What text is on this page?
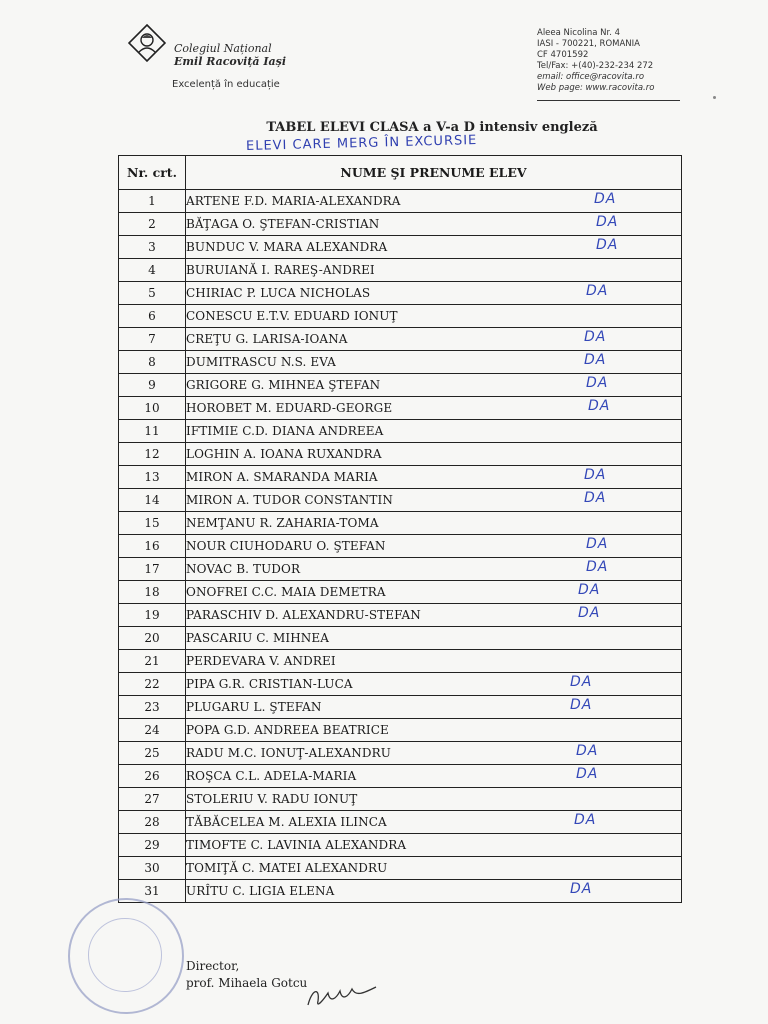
Colegiul Național
Emil Racoviță Iași
Excelență în educație
Aleea Nicolina Nr. 4
IASI - 700221, ROMANIA
CF 4701592
Tel/Fax: +(40)-232-234 272
email: office@racovita.ro
Web page: www.racovita.ro
TABEL ELEVI CLASA a V-a D intensiv engleză
ELEVI CARE MERG ÎN EXCURSIE
Nr. crt.	NUME ŞI PRENUME ELEV
1	ARTENE F.D. MARIA-ALEXANDRA DA

2	BĂŢAGA O. ŞTEFAN-CRISTIAN DA

3	BUNDUC V. MARA ALEXANDRA DA

4	BURUIANĂ I. RAREŞ-ANDREI
5	CHIRIAC P. LUCA NICHOLAS DA

6	CONESCU E.T.V. EDUARD IONUŢ
7	CREŢU G. LARISA-IOANA DA

8	DUMITRASCU N.S. EVA DA

9	GRIGORE G. MIHNEA ŞTEFAN DA

10	HOROBET M. EDUARD-GEORGE DA

11	IFTIMIE C.D. DIANA ANDREEA
12	LOGHIN A. IOANA RUXANDRA
13	MIRON A. SMARANDA MARIA DA

14	MIRON A. TUDOR CONSTANTIN DA

15	NEMŢANU R. ZAHARIA-TOMA
16	NOUR CIUHODARU O. ŞTEFAN DA

17	NOVAC B. TUDOR DA

18	ONOFREI C.C. MAIA DEMETRA DA

19	PARASCHIV D. ALEXANDRU-STEFAN DA

20	PASCARIU C. MIHNEA
21	PERDEVARA V. ANDREI
22	PIPA G.R. CRISTIAN-LUCA DA

23	PLUGARU L. ŞTEFAN DA

24	POPA G.D. ANDREEA BEATRICE
25	RADU M.C. IONUŢ-ALEXANDRU DA

26	ROŞCA C.L. ADELA-MARIA DA

27	STOLERIU V. RADU IONUŢ
28	TĂBĂCELEA M. ALEXIA ILINCA DA

29	TIMOFTE C. LAVINIA ALEXANDRA
30	TOMIŢĂ C. MATEI ALEXANDRU
31	URÎTU C. LIGIA ELENA DA
Director,
prof. Mihaela Gotcu
